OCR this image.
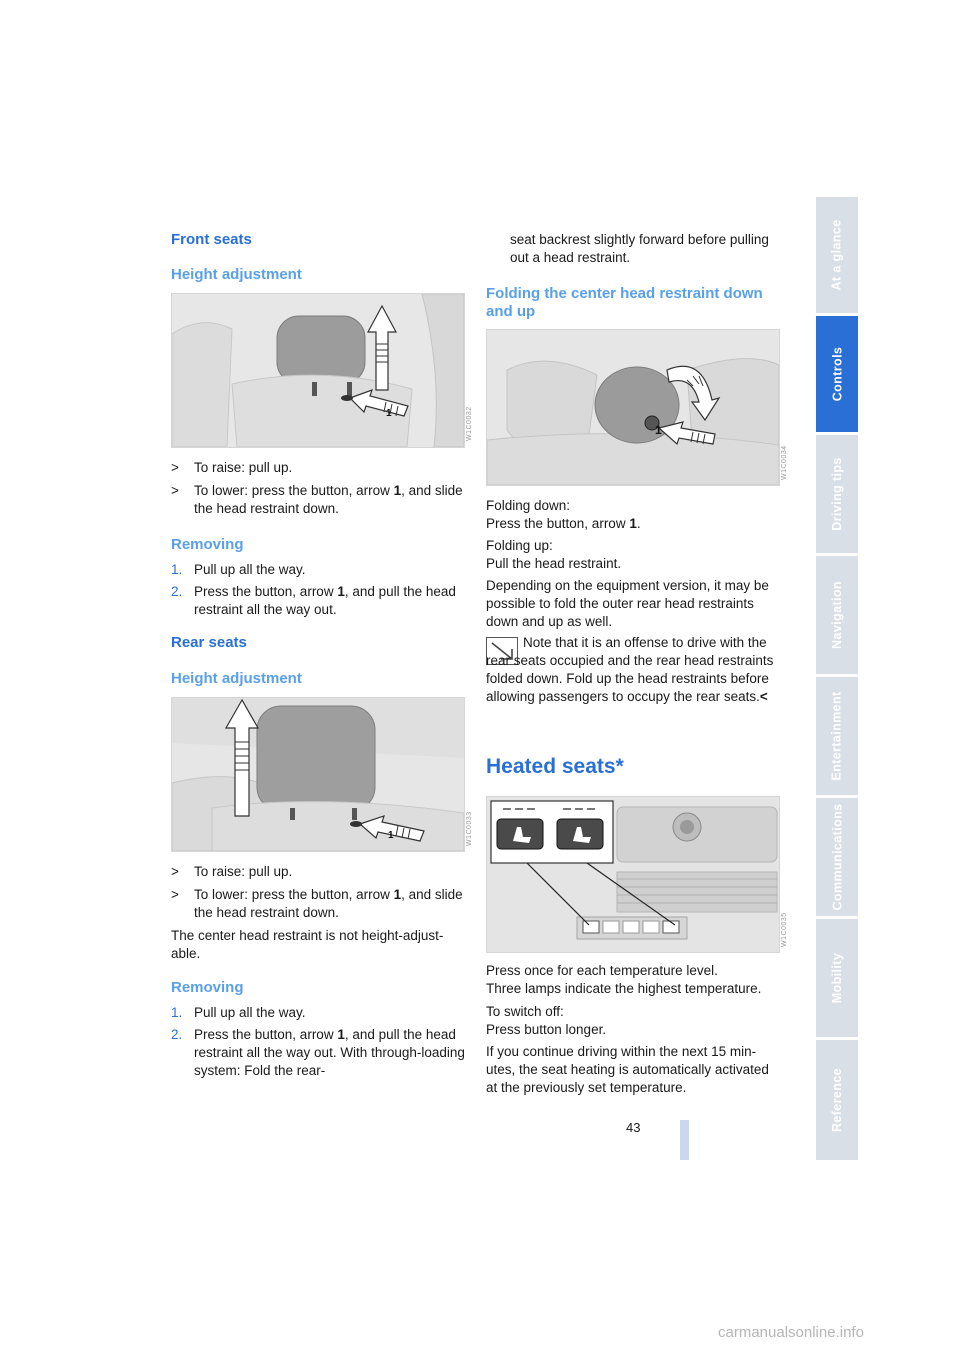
Front seats
Height adjustment
1	W1C0032
> To raise: pull up.
> To lower: press the button, arrow 1, and slide the head restraint down.
Removing
1. Pull up all the way.
2. Press the button, arrow 1, and pull the head restraint all the way out.
Rear seats
Height adjustment
1	W1C0033
> To raise: pull up.
> To lower: press the button, arrow 1, and slide the head restraint down.

The center head restraint is not height-adjust- able.

Removing
1. Pull up all the way.
2. Press the button, arrow 1, and pull the head restraint all the way out. With through-loading system: Fold the rear-

seat backrest slightly forward before pulling out a head restraint.

Folding the center head restraint down and up
1
W1C0034

Folding down:

Press the button, arrow 1.

Folding up:

Pull the head restraint.

Depending on the equipment version, it may be possible to fold the outer rear head restraints down and up as well.

Note that it is an offense to drive with the rear seats occupied and the rear head restraints folded down. Fold up the head restraints before allowing passengers to occupy the rear seats.<

Heated seats*
W1C0035

Press once for each temperature level.

Three lamps indicate the highest temperature.

To switch off:

Press button longer.

If you continue driving within the next 15 min- utes, the seat heating is automatically activated at the previously set temperature.

43
At a glance
Controls
Driving tips
Navigation
Entertainment
Communications
Mobility
Reference
carmanualsonline.info
